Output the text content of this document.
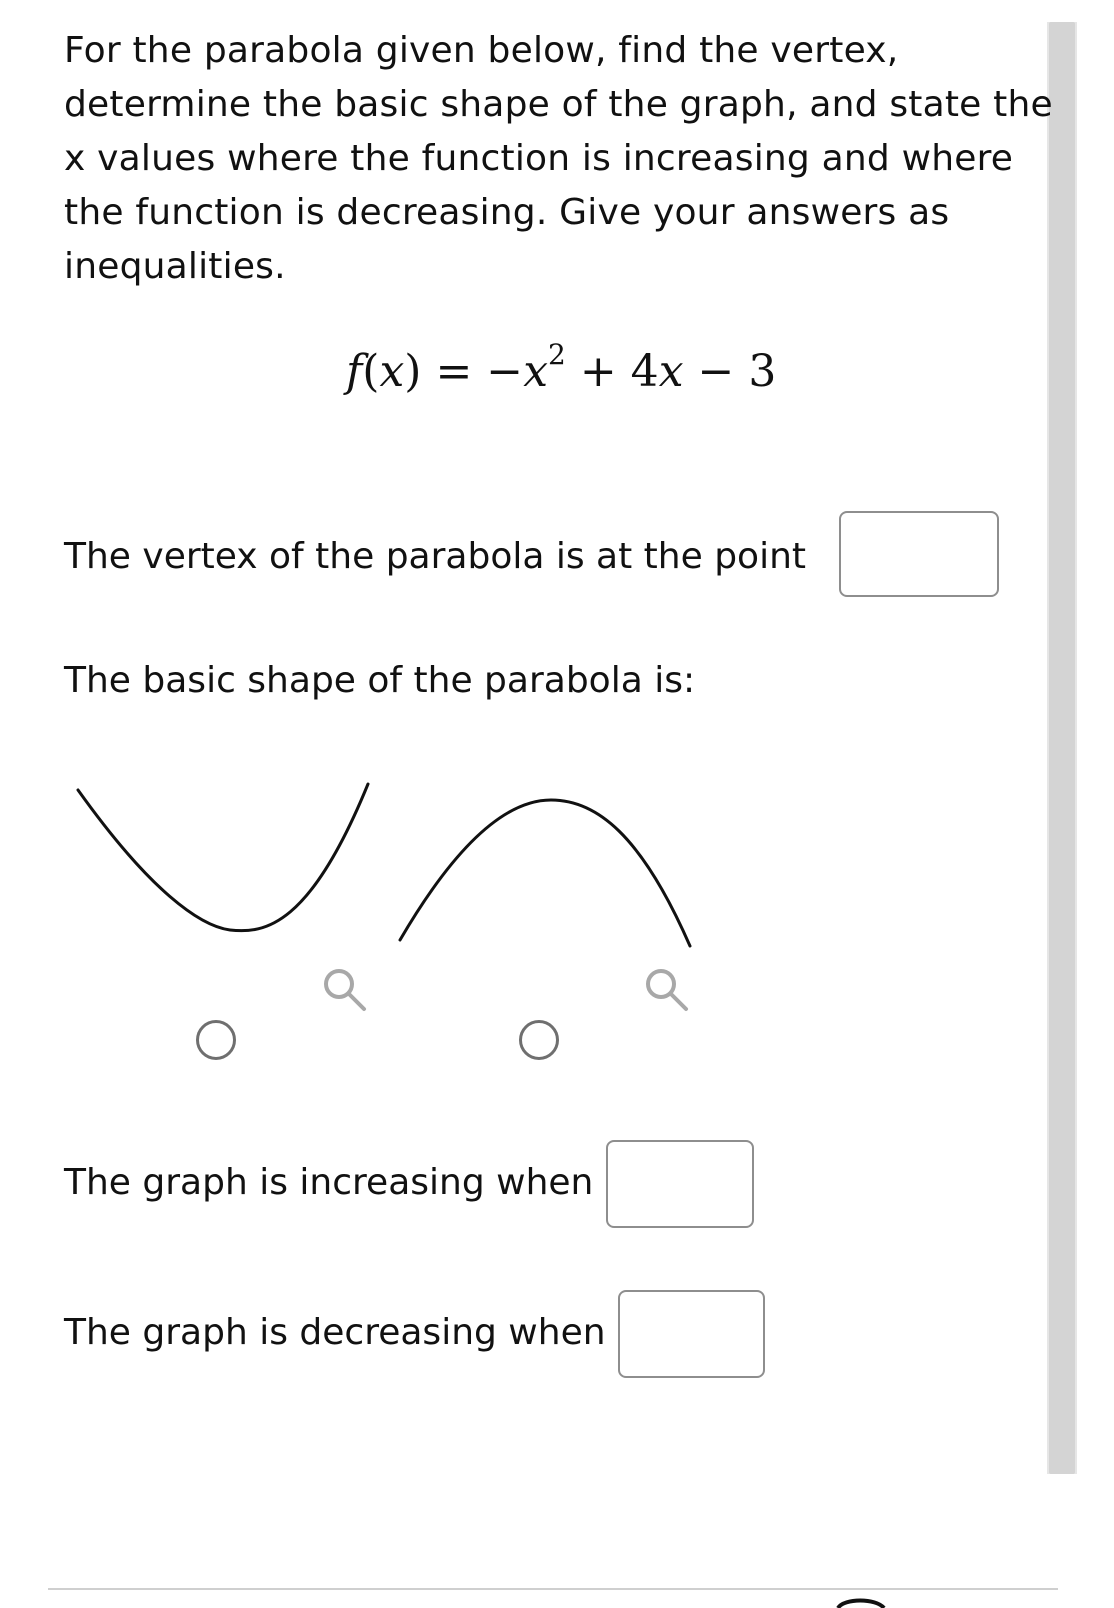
For the parabola given below, find the vertex, determine the basic shape of the graph, and state the x values where the function is increasing and where the function is decreasing. Give your answers as inequalities.
$f(x) = -x^2 + 4x - 3$
The vertex of the parabola is at the point
The basic shape of the parabola is:
The graph is increasing when
The graph is decreasing when
